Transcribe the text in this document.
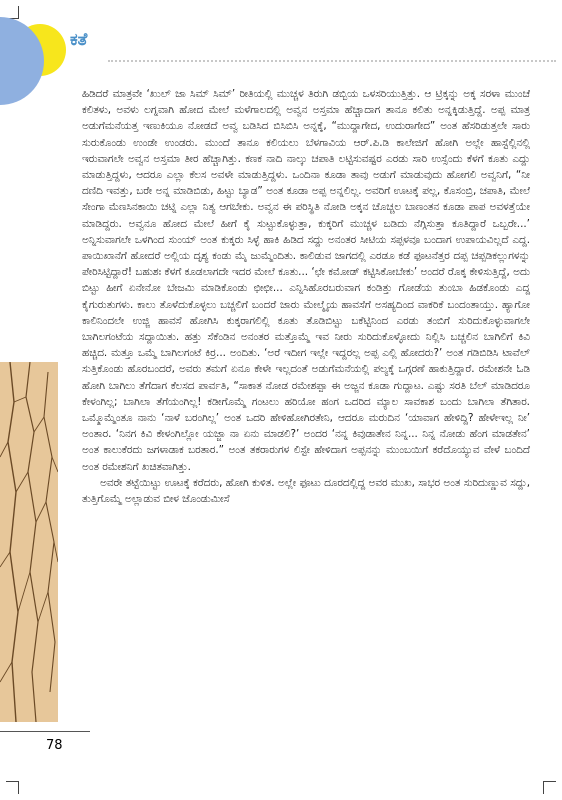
ಕತೆ

ಹಿಡಿದರೆ ಮಾತ್ರವೇ ‘ಖುಲ್ ಜಾ ಸಿಮ್ ಸಿಮ್’ ರೀತಿಯಲ್ಲಿ ಮುಚ್ಚಳ ತಿರುಗಿ ಡಬ್ಬಿಯ ಒಳಸರಿಯುತ್ತಿತ್ತು. ಆ ಟ್ರಿಕ್ಕನ್ನು ಅಕ್ಕ ಸರಳಾ ಮುಂಚೆ ಕಲಿತಳು, ಅವಳು ಲಗ್ನವಾಗಿ ಹೋದ ಮೇಲೆ ಮಳೆಗಾಲದಲ್ಲಿ ಅವ್ವನ ಅಸ್ತಮಾ ಹೆಚ್ಚಾದಾಗ ತಾನೂ ಕಲಿತು ಅನ್ನಕ್ಕಿಡುತ್ತಿದ್ದೆ. ಅಪ್ಪ ಮಾತ್ರ ಅಡುಗೆಮನೆಯತ್ತ ಇಣುಕಿಯೂ ನೋಡದೆ ಅವ್ವ ಬಡಿಸಿದ ಬಿಸಿಬಿಸಿ ಅನ್ನಕ್ಕೆ, “ಮುದ್ದಾಗೇದ, ಉದುರಾಗೇದ” ಅಂತ ಹೆಸರಿಡುತ್ತಲೇ ಸಾರು ಸುರುಕೊಂಡು ಉಂಡೇ ಉಂಡರು. ಮುಂದೆ ತಾನೂ ಕಲಿಯಲು ಬೆಳಗಾವಿಯ ಆರ್.ಪಿ.ಡಿ ಕಾಲೇಜಿಗೆ ಹೋಗಿ ಅಲ್ಲೇ ಹಾಸ್ಟೆಲ್ಲಿನಲ್ಲಿ ಇರುವಾಗಲೇ ಅವ್ವನ ಅಸ್ತಮಾ ತೀರ ಹೆಚ್ಚಾಗಿತ್ತು. ಕಣಕ ನಾದಿ ನಾಲ್ಕು ಚಪಾತಿ ಲಟ್ಟಿಸುವಷ್ಟರ ಎರಡು ಸಾರಿ ಉಸ್ಸೆಂದು ಕೆಳಗೆ ಕೂತು ಎದ್ದು ಮಾಡುತ್ತಿದ್ದಳು, ಆದರೂ ಎಲ್ಲಾ ಕೆಲಸ ಅವಳೇ ಮಾಡುತ್ತಿದ್ದಳು. ಒಂದಿನಾ ಕೂಡಾ ತಾವು ಅಡುಗೆ ಮಾಡುವುದು ಹೋಗಲಿ ಅವ್ವನಿಗೆ, “ನೀ ದಣಿದಿ ಇವತ್ತು, ಬರೇ ಅನ್ನ ಮಾಡಿಬಿಡು, ಹಿಟ್ಟು ಬ್ಯಾಡ” ಅಂತ ಕೂಡಾ ಅಪ್ಪ ಅನ್ನಲಿಲ್ಲ. ಅವರಿಗೆ ಊಟಕ್ಕೆ ಪಲ್ಲ, ಕೊಸಂಬ್ರಿ, ಚಪಾತಿ, ಮೇಲೆ ಸೇಂಗಾ ಮೆಣಸಿನಕಾಯಿ ಚಟ್ನಿ ಎಲ್ಲಾ ನಿತ್ಯ ಆಗಬೇಕು. ಅವ್ವನ ಈ ಪರಿಸ್ಥಿತಿ ನೋಡಿ ಅಕ್ಕನ ಚೊಚ್ಚಲ ಬಾಣಂತನ ಕೂಡಾ ಪಾಪ ಅವಳತ್ತೆಯೇ ಮಾಡಿದ್ದರು. ಅವ್ವನೂ ಹೋದ ಮೇಲೆ ಹೀಗೆ ಕೈ ಸುಟ್ಟುಕೊಳ್ಳುತ್ತಾ, ಕುಕ್ಕರಿಗೆ ಮುಚ್ಚಳ ಬಡಿದು ನೆಗ್ಗಿಸುತ್ತಾ ಕೂತಿದ್ದಾರೆ ಒಬ್ಬರೇ...’ ಅನ್ನಿಸುವಾಗಲೇ ಒಳಗಿಂದ ಸುಂಯ್ ಅಂತ ಕುಕ್ಕರು ಸಿಳ್ಳೆ ಹಾಕಿ ಹಿಡಿದ ಸದ್ದು ಅನಂತರ ಸೀಟಿಯ ಸಪ್ಪಳವೂ ಬಂದಾಗ ಉಪಾಯವಿಲ್ಲದೆ ಎದ್ದ. ಪಾಯಿಖಾನೆಗೆ ಹೋದರೆ ಅಲ್ಲಿಯ ದೃಶ್ಯ ಕಂಡು ಮೈ ಜುಮ್ಮೆಂದಿತು. ಕಾಲಿಡುವ ಜಾಗದಲ್ಲಿ ಎರಡೂ ಕಡೆ ಫೂಟನೆತ್ತರ ದಪ್ಪ ಚಪ್ಪಡಿಕಲ್ಲುಗಳನ್ನು ಪೇರಿಸಿಟ್ಟಿದ್ದಾರೆ! ಬಹುಶಃ ಕೆಳಗೆ ಕೂಡಲಾಗದೇ ಇದರ ಮೇಲೆ ಕೂತು... ‘ಛೇ ಕಮೋಡ್ ಕಟ್ಟಿಸಿಕೋಬೇಕು’ ಅಂದರೆ ರೊಕ್ಕ ಕೇಳಿಸುತ್ತಿದ್ದೆ, ಅದು ಬಿಟ್ಟು ಹೀಗೆ ಏನೇನೋ ಬೇಜಮಿ ಮಾಡಿಕೊಂಡು ಛೀಛೀ... ಎನ್ನಿಸಿಹೊರಬರುವಾಗ ಕಂಡಿತ್ತು ಗೋಡೆಯ ತುಂಬಾ ಹಿಡಕೊಂಡು ಎದ್ದ ಕೈಗುರುತುಗಳು. ಕಾಲು ತೊಳೆದುಕೊಳ್ಳಲು ಬಚ್ಚಲಿಗೆ ಬಂದರೆ ಜಾರು ಮೇಲ್ಮೈಯ ಹಾವಸೆಗೆ ಅಸಹ್ಯದಿಂದ ವಾಕರಿಕೆ ಬಂದಂತಾಯ್ತು. ಹ್ಯಾಗೋ ಕಾಲಿನಿಂದಲೇ ಉಜ್ಜಿ ಹಾವಸೆ ಹೋಗಿಸಿ ಕುಕ್ಕರಾಗಲಿಲ್ಲಿ ಕೂತು ತೊಡಿಬಿಟ್ಟು ಬಕೆಟ್ಟಿನಿಂದ ಎರಡು ತಂಬಿಗೆ ಸುರಿದುಕೊಳ್ಳುವಾಗಲೇ ಬಾಗಿಲಗಂಟೆಯ ಸದ್ದಾಯಿತು. ಹತ್ತು ಸೆಕೆಂಡಿನ ಅನಂತರ ಮತ್ತೊಮ್ಮೆ ಇವ ನೀರು ಸುರಿದುಕೊಳ್ಳೋದು ನಿಲ್ಲಿಸಿ ಬಚ್ಚಲಿನ ಬಾಗಿಲಿಗೆ ಕಿವಿ ಹಚ್ಚಿದ. ಮತ್ತೂ ಒಮ್ಮೆ ಬಾಗಿಲಗಂಟೆ ಕಿರ್ರ... ಅಂದಿತು. ‘ಅರೆ ಇದೀಗ ಇಲ್ಲೇ ಇದ್ದರಲ್ಲ ಅಪ್ಪ ಎಲ್ಲಿ ಹೋದರು?’ ಅಂತ ಗಡಿಬಿಡಿಸಿ ಟಾವೆಲ್ ಸುತ್ತಿಕೊಂಡು ಹೊರಬಂದರೆ, ಅವರು ತಮಗೆ ಏನೂ ಕೇಳೇ ಇಲ್ಲದಂತೆ ಅಡುಗೆಮನೆಯಲ್ಲಿ ಪಲ್ಯಕ್ಕೆ ಒಗ್ಗರಣೆ ಹಾಕುತ್ತಿದ್ದಾರೆ. ರಮೇಶನೇ ಓಡಿ ಹೋಗಿ ಬಾಗಿಲು ತೆಗೆದಾಗ ಕೆಲಸದ ಪಾರ್ವತಿ, “ಸಾಕಾತ ನೋಡ ರಮೇಶಪ್ಪಾ ಈ ಅಜ್ಜನ ಕೂಡಾ ಗುದ್ದಾಟ. ಎಷ್ಟು ಸರತಿ ಬೆಲ್ ಮಾಡಿದರೂ ಕೇಳಂಗಿಲ್ಲ; ಬಾಗಿಲಾ ತೆಗೆಯಂಗಿಲ್ಲ! ಕಡೀಗೊಮ್ಮೆ ಗಂಟಲು ಹರಿಯೋ ಹಂಗ ಒದರಿದ ಮ್ಯಾಲ ಸಾವಕಾಶ ಬಂದು ಬಾಗಿಲಾ ತೆಗಿತಾರ. ಒಮ್ಮೊಮ್ಮೆಂತೂ ನಾನು ‘ನಾಳೆ ಬರಂಗಿಲ್ಲ’ ಅಂತ ಒದರಿ ಹೇಳಿಹೋಗಿರತೇನಿ, ಆದರೂ ಮರುದಿನ ‘ಯಾವಾಗ ಹೇಳಿದ್ದಿ? ಹೇಳೇಇಲ್ಲ ನೀ’ ಅಂತಾರ. ‘ನಿನಗ ಕಿವಿ ಕೇಳಂಗಿಲ್ಲೋ ಯಜ್ಜಾ ನಾ ಏನು ಮಾಡಲಿ?’ ಅಂದರ ‘ನನ್ನ ಕಿವುಡಾತೇನ ನಿನ್ನ... ನಿನ್ನ ನೋಡು ಹೆಂಗ ಮಾಡತೇನ’ ಅಂತ ಕಾಲುಕೆರದು ಜಗಳಾಡಾಕ ಬರತಾರ.” ಅಂತ ತಕರಾರುಗಳ ಲಿಸ್ಟೇ ಹೇಳಿದಾಗ ಅಪ್ಪನನ್ನು ಮುಂಬಯಿಗೆ ಕರೆದೊಯ್ಯುವ ವೇಳೆ ಬಂದಿದೆ ಅಂತ ರಮೇಶನಿಗೆ ಖಚಿತವಾಗಿತ್ತು.

ಅವರೇ ತಟ್ಟೆಯಿಟ್ಟು ಊಟಕ್ಕೆ ಕರೆದರು, ಹೋಗಿ ಕುಳಿತ. ಅಲ್ಲೇ ಫೂಟು ದೂರದಲ್ಲಿದ್ದ ಅವರ ಮುಖ, ಸಾಭರ ಅಂತ ಸುರಿದುಣ್ಣುವ ಸದ್ದು, ತುತ್ತಿಗೊಮ್ಮೆ ಅಲ್ಲಾಡುವ ಬೀಳ ಜೊಂಡುಮೀಸೆ

78
